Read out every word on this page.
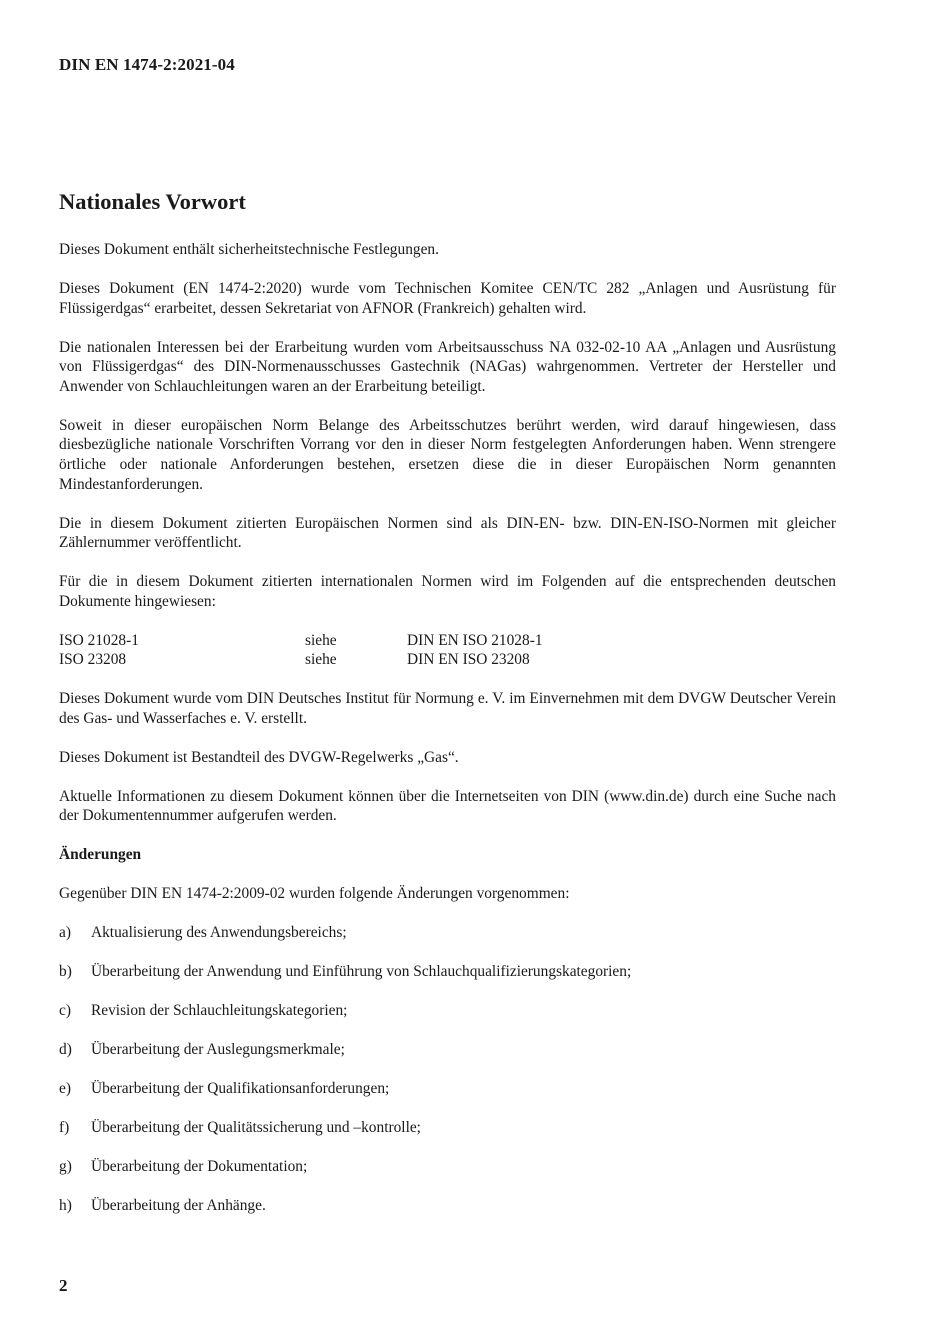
DIN EN 1474-2:2021-04
Nationales Vorwort

Dieses Dokument enthält sicherheitstechnische Festlegungen.

Dieses Dokument (EN 1474-2:2020) wurde vom Technischen Komitee CEN/TC 282 „Anlagen und Ausrüstung für Flüssigerdgas“ erarbeitet, dessen Sekretariat von AFNOR (Frankreich) gehalten wird.

Die nationalen Interessen bei der Erarbeitung wurden vom Arbeitsausschuss NA 032-02-10 AA „Anlagen und Ausrüstung von Flüssigerdgas“ des DIN-Normenausschusses Gastechnik (NAGas) wahrgenommen. Vertreter der Hersteller und Anwender von Schlauchleitungen waren an der Erarbeitung beteiligt.

Soweit in dieser europäischen Norm Belange des Arbeitsschutzes berührt werden, wird darauf hingewiesen, dass diesbezügliche nationale Vorschriften Vorrang vor den in dieser Norm festgelegten Anforderungen haben. Wenn strengere örtliche oder nationale Anforderungen bestehen, ersetzen diese die in dieser Europäischen Norm genannten Mindestanforderungen.

Die in diesem Dokument zitierten Europäischen Normen sind als DIN-EN- bzw. DIN-EN-ISO-Normen mit gleicher Zählernummer veröffentlicht.

Für die in diesem Dokument zitierten internationalen Normen wird im Folgenden auf die entsprechenden deutschen Dokumente hingewiesen:

ISO 21028-1	siehe	DIN EN ISO 21028-1
ISO 23208	siehe	DIN EN ISO 23208

Dieses Dokument wurde vom DIN Deutsches Institut für Normung e. V. im Einvernehmen mit dem DVGW Deutscher Verein des Gas- und Wasserfaches e. V. erstellt.

Dieses Dokument ist Bestandteil des DVGW-Regelwerks „Gas“.

Aktuelle Informationen zu diesem Dokument können über die Internetseiten von DIN (www.din.de) durch eine Suche nach der Dokumentennummer aufgerufen werden.

Änderungen

Gegenüber DIN EN 1474-2:2009-02 wurden folgende Änderungen vorgenommen:

a)	Aktualisierung des Anwendungsbereichs;
b)	Überarbeitung der Anwendung und Einführung von Schlauchqualifizierungskategorien;
c)	Revision der Schlauchleitungskategorien;
d)	Überarbeitung der Auslegungsmerkmale;
e)	Überarbeitung der Qualifikationsanforderungen;
f)	Überarbeitung der Qualitätssicherung und –kontrolle;
g)	Überarbeitung der Dokumentation;
h)	Überarbeitung der Anhänge.
2
